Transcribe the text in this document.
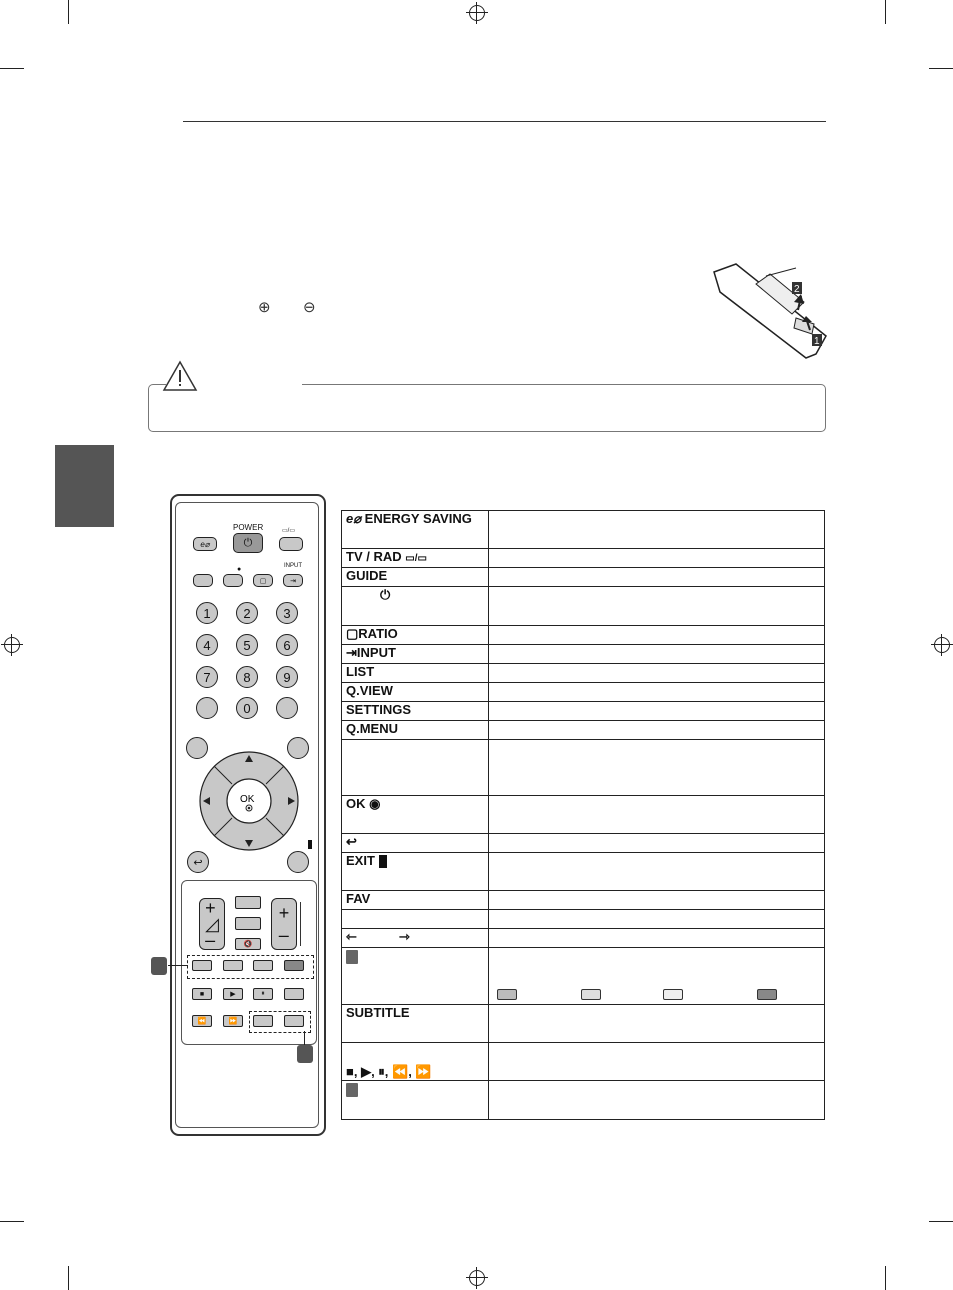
⊕ ⊖
2
1
POWER
e⌀	⏻
▭/▭
●	INPUT
▢	⇥
1	2	3
4	5	6
7	8	9
0
OK
↩
+
◿
–	🔇
+
–
■	▶	⏸
⏪	⏩
e⌀ ENERGY SAVING	
TV / RAD ▭/▭	
GUIDE	
⏻	
▢RATIO	
⇥INPUT	
LIST	
Q.VIEW	
SETTINGS	
Q.MENU	

OK ◉	
↩	
EXIT	
FAV	

⇽ ⇾	

SUBTITLE	
■, ▶, ⏸, ⏪, ⏩	
